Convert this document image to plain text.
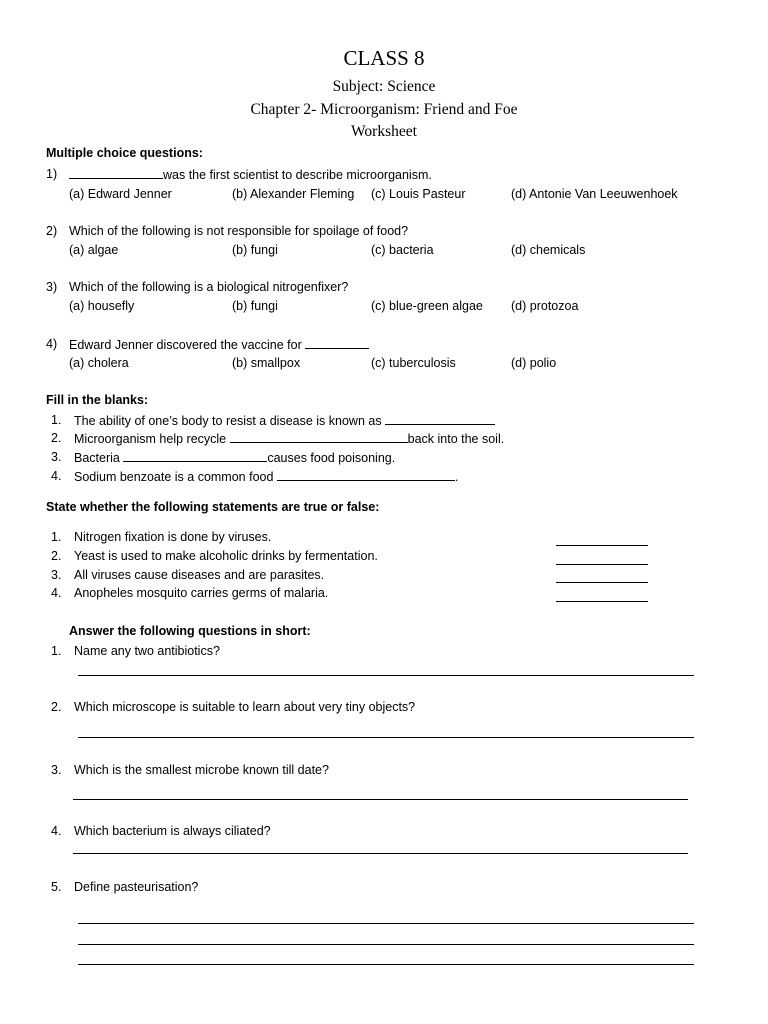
CLASS 8
Subject: Science
Chapter 2- Microorganism: Friend and Foe
Worksheet
Multiple choice questions:
1)	was the first scientist to describe microorganism.
(a) Edward Jenner	(b) Alexander Fleming (c) Louis Pasteur	(d) Antonie Van Leeuwenhoek
2) Which of the following is not responsible for spoilage of food?
(a) algae	(b) fungi	(c) bacteria	(d) chemicals
3) Which of the following is a biological nitrogenfixer?
(a) housefly	(b) fungi	(c) blue-green algae (d) protozoa
4) Edward Jenner discovered the vaccine for
(a) cholera	(b) smallpox	(c) tuberculosis	(d) polio
Fill in the blanks:
1. The ability of one’s body to resist a disease is known as
2. Microorganism help recycle	back into the soil.
3. Bacteria	causes food poisoning.
4. Sodium benzoate is a common food	.
State whether the following statements are true or false:
1. Nitrogen fixation is done by viruses.
2. Yeast is used to make alcoholic drinks by fermentation.
3. All viruses cause diseases and are parasites.
4. Anopheles mosquito carries germs of malaria.
Answer the following questions in short:
1. Name any two antibiotics?
2. Which microscope is suitable to learn about very tiny objects?
3. Which is the smallest microbe known till date?
4. Which bacterium is always ciliated?
5. Define pasteurisation?
